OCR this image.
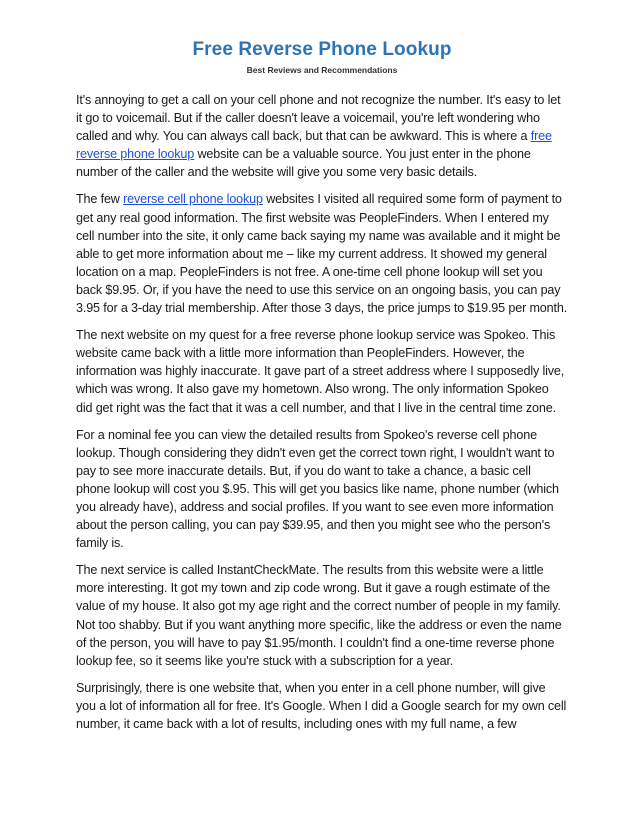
Free Reverse Phone Lookup
Best Reviews and Recommendations

It's annoying to get a call on your cell phone and not recognize the number. It's easy to let it go to voicemail. But if the caller doesn't leave a voicemail, you're left wondering who called and why. You can always call back, but that can be awkward. This is where a free reverse phone lookup website can be a valuable source. You just enter in the phone number of the caller and the website will give you some very basic details.

The few reverse cell phone lookup websites I visited all required some form of payment to get any real good information. The first website was PeopleFinders. When I entered my cell number into the site, it only came back saying my name was available and it might be able to get more information about me – like my current address. It showed my general location on a map. PeopleFinders is not free. A one-time cell phone lookup will set you back $9.95. Or, if you have the need to use this service on an ongoing basis, you can pay 3.95 for a 3-day trial membership. After those 3 days, the price jumps to $19.95 per month.

The next website on my quest for a free reverse phone lookup service was Spokeo. This website came back with a little more information than PeopleFinders. However, the information was highly inaccurate. It gave part of a street address where I supposedly live, which was wrong. It also gave my hometown. Also wrong. The only information Spokeo did get right was the fact that it was a cell number, and that I live in the central time zone.

For a nominal fee you can view the detailed results from Spokeo's reverse cell phone lookup. Though considering they didn't even get the correct town right, I wouldn't want to pay to see more inaccurate details. But, if you do want to take a chance, a basic cell phone lookup will cost you $.95. This will get you basics like name, phone number (which you already have), address and social profiles. If you want to see even more information about the person calling, you can pay $39.95, and then you might see who the person's family is.

The next service is called InstantCheckMate. The results from this website were a little more interesting. It got my town and zip code wrong. But it gave a rough estimate of the value of my house. It also got my age right and the correct number of people in my family. Not too shabby. But if you want anything more specific, like the address or even the name of the person, you will have to pay $1.95/month. I couldn't find a one-time reverse phone lookup fee, so it seems like you're stuck with a subscription for a year.

Surprisingly, there is one website that, when you enter in a cell phone number, will give you a lot of information all for free. It's Google. When I did a Google search for my own cell number, it came back with a lot of results, including ones with my full name, a few
